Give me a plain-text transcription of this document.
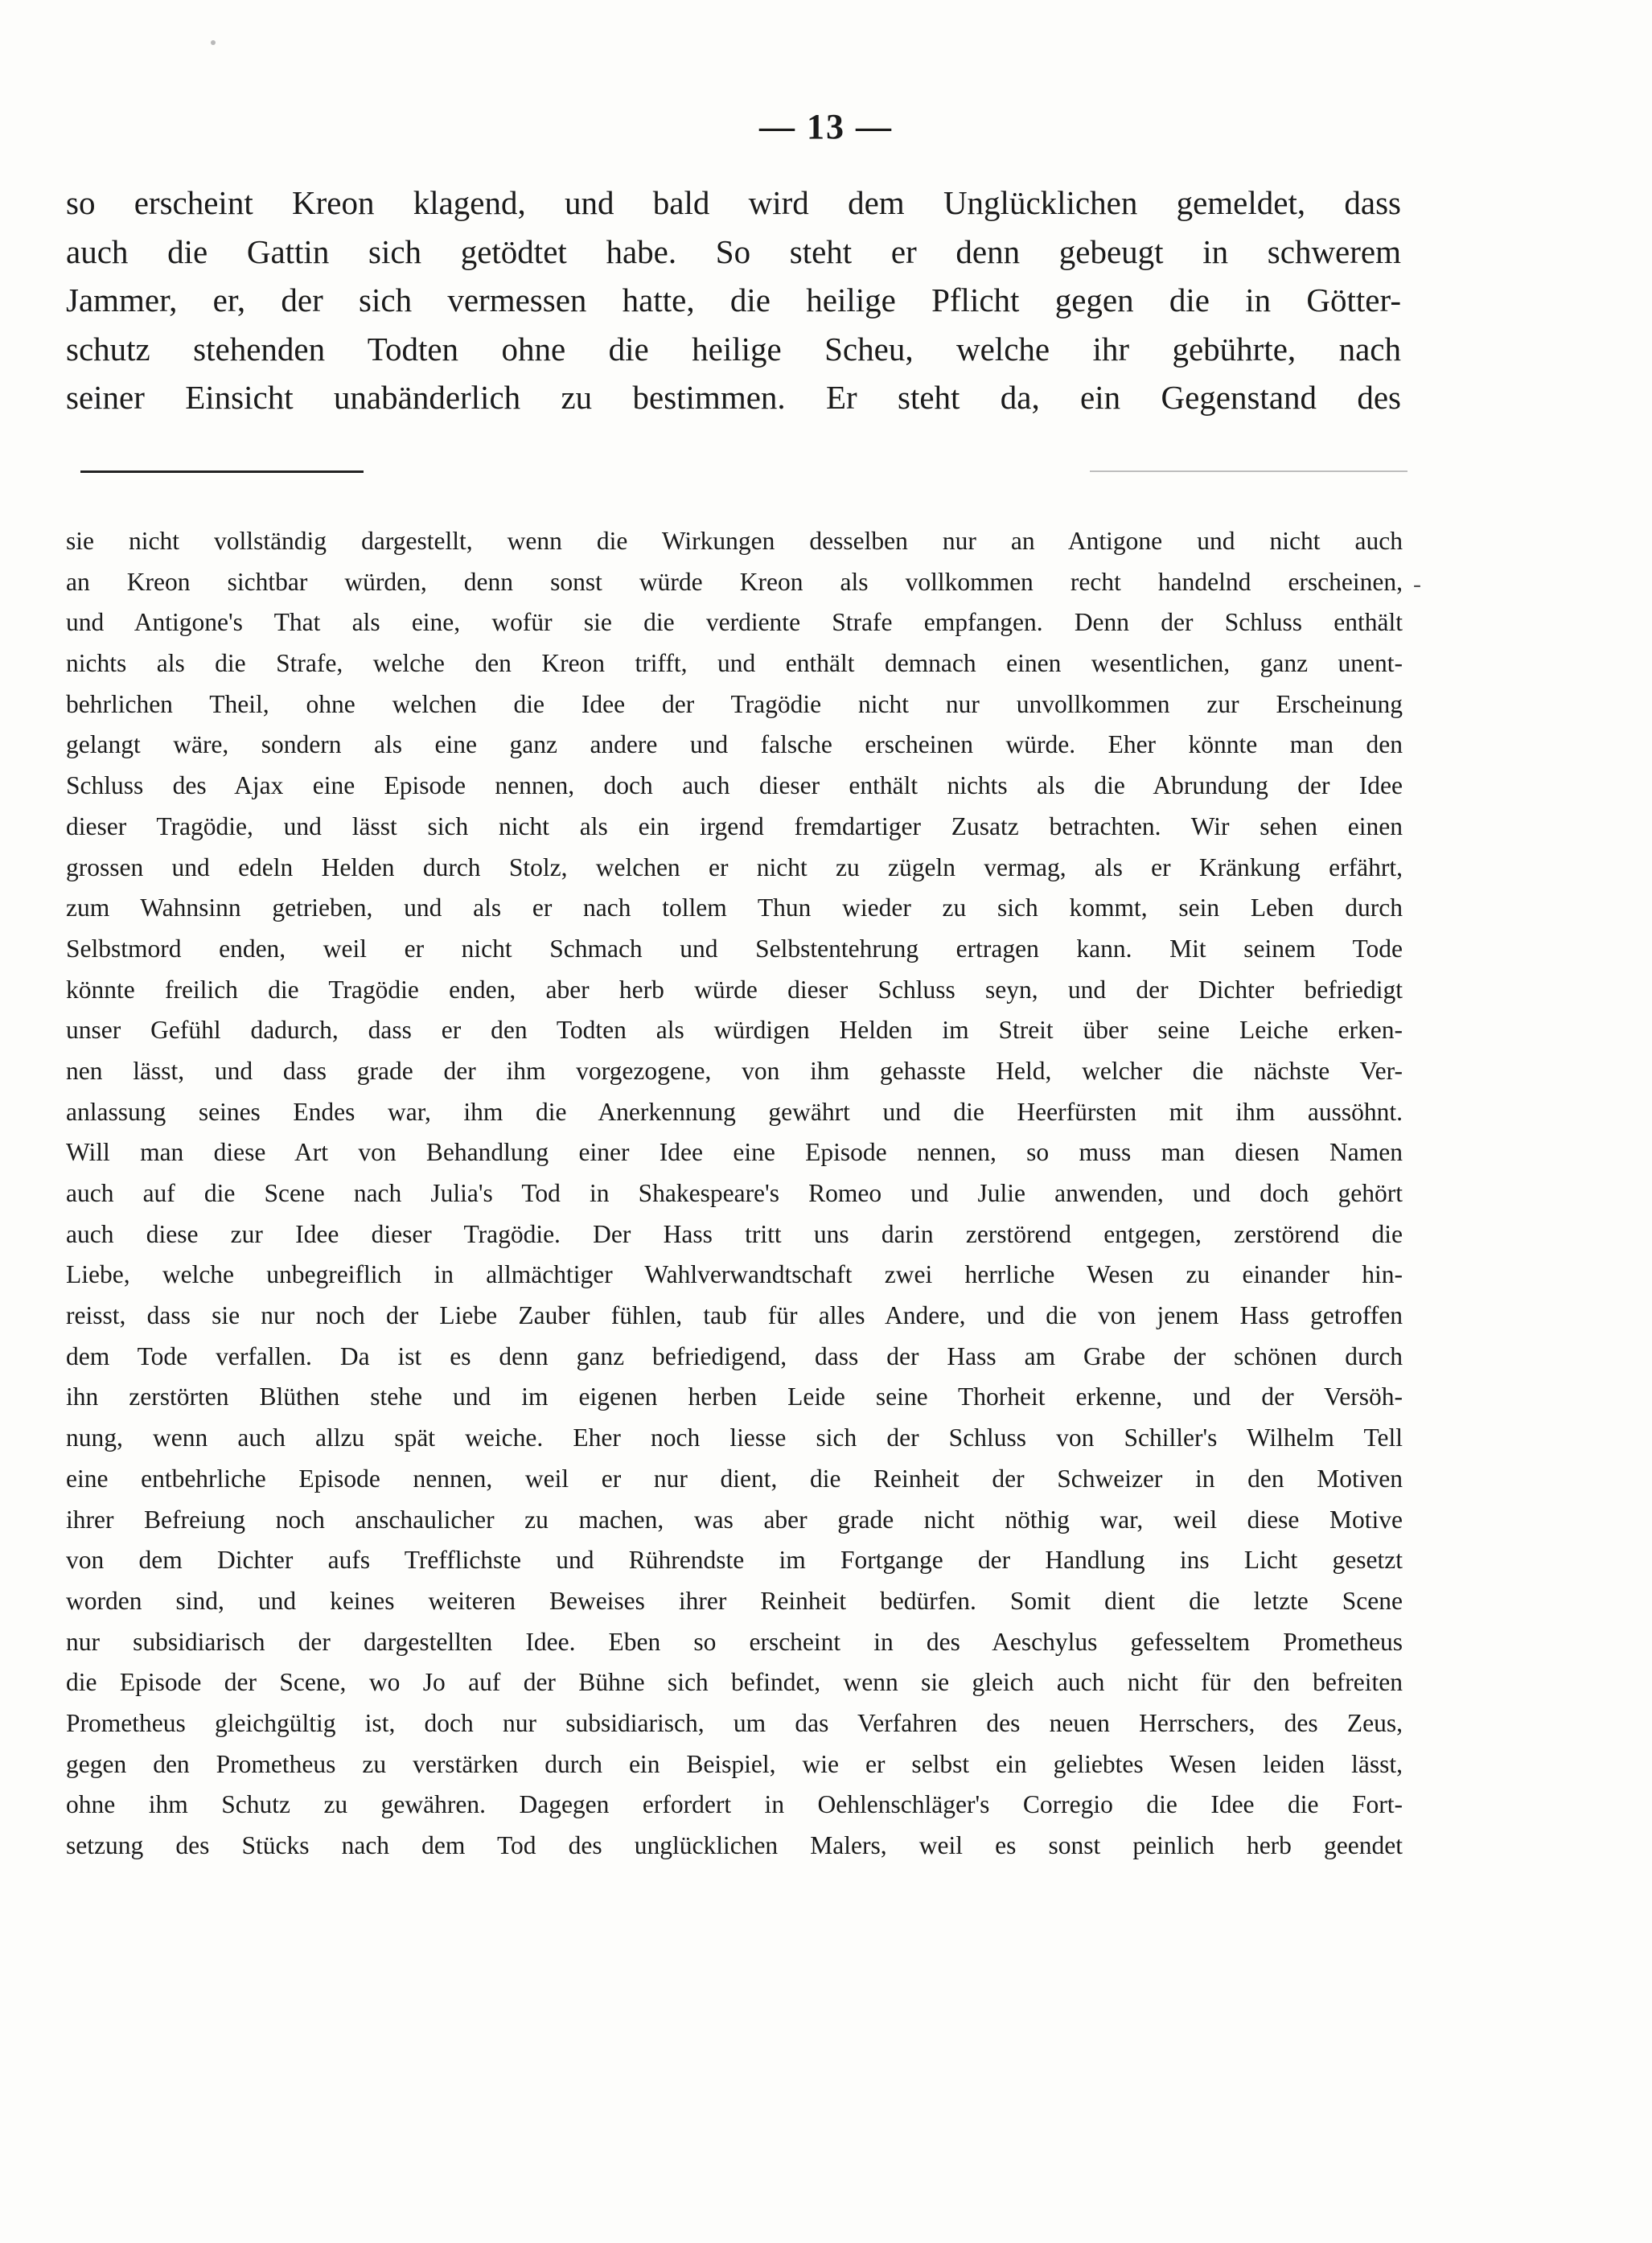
— 13 —
so erscheint Kreon klagend, und bald wird dem Unglücklichen gemeldet, dass
auch die Gattin sich getödtet habe. So steht er denn gebeugt in schwerem
Jammer, er, der sich vermessen hatte, die heilige Pflicht gegen die in Götter-
schutz stehenden Todten ohne die heilige Scheu, welche ihr gebührte, nach
seiner Einsicht unabänderlich zu bestimmen. Er steht da, ein Gegenstand des
sie nicht vollständig dargestellt, wenn die Wirkungen desselben nur an Antigone und nicht auch
an Kreon sichtbar würden, denn sonst würde Kreon als vollkommen recht handelnd erscheinen,
und Antigone's That als eine, wofür sie die verdiente Strafe empfangen. Denn der Schluss enthält
nichts als die Strafe, welche den Kreon trifft, und enthält demnach einen wesentlichen, ganz unent-
behrlichen Theil, ohne welchen die Idee der Tragödie nicht nur unvollkommen zur Erscheinung
gelangt wäre, sondern als eine ganz andere und falsche erscheinen würde. Eher könnte man den
Schluss des Ajax eine Episode nennen, doch auch dieser enthält nichts als die Abrundung der Idee
dieser Tragödie, und lässt sich nicht als ein irgend fremdartiger Zusatz betrachten. Wir sehen einen
grossen und edeln Helden durch Stolz, welchen er nicht zu zügeln vermag, als er Kränkung erfährt,
zum Wahnsinn getrieben, und als er nach tollem Thun wieder zu sich kommt, sein Leben durch
Selbstmord enden, weil er nicht Schmach und Selbstentehrung ertragen kann. Mit seinem Tode
könnte freilich die Tragödie enden, aber herb würde dieser Schluss seyn, und der Dichter befriedigt
unser Gefühl dadurch, dass er den Todten als würdigen Helden im Streit über seine Leiche erken-
nen lässt, und dass grade der ihm vorgezogene, von ihm gehasste Held, welcher die nächste Ver-
anlassung seines Endes war, ihm die Anerkennung gewährt und die Heerfürsten mit ihm aussöhnt.
Will man diese Art von Behandlung einer Idee eine Episode nennen, so muss man diesen Namen
auch auf die Scene nach Julia's Tod in Shakespeare's Romeo und Julie anwenden, und doch gehört
auch diese zur Idee dieser Tragödie. Der Hass tritt uns darin zerstörend entgegen, zerstörend die
Liebe, welche unbegreiflich in allmächtiger Wahlverwandtschaft zwei herrliche Wesen zu einander hin-
reisst, dass sie nur noch der Liebe Zauber fühlen, taub für alles Andere, und die von jenem Hass getroffen
dem Tode verfallen. Da ist es denn ganz befriedigend, dass der Hass am Grabe der schönen durch
ihn zerstörten Blüthen stehe und im eigenen herben Leide seine Thorheit erkenne, und der Versöh-
nung, wenn auch allzu spät weiche. Eher noch liesse sich der Schluss von Schiller's Wilhelm Tell
eine entbehrliche Episode nennen, weil er nur dient, die Reinheit der Schweizer in den Motiven
ihrer Befreiung noch anschaulicher zu machen, was aber grade nicht nöthig war, weil diese Motive
von dem Dichter aufs Trefflichste und Rührendste im Fortgange der Handlung ins Licht gesetzt
worden sind, und keines weiteren Beweises ihrer Reinheit bedürfen. Somit dient die letzte Scene
nur subsidiarisch der dargestellten Idee. Eben so erscheint in des Aeschylus gefesseltem Prometheus
die Episode der Scene, wo Jo auf der Bühne sich befindet, wenn sie gleich auch nicht für den befreiten
Prometheus gleichgültig ist, doch nur subsidiarisch, um das Verfahren des neuen Herrschers, des Zeus,
gegen den Prometheus zu verstärken durch ein Beispiel, wie er selbst ein geliebtes Wesen leiden lässt,
ohne ihm Schutz zu gewähren. Dagegen erfordert in Oehlenschläger's Corregio die Idee die Fort-
setzung des Stücks nach dem Tod des unglücklichen Malers, weil es sonst peinlich herb geendet
-
